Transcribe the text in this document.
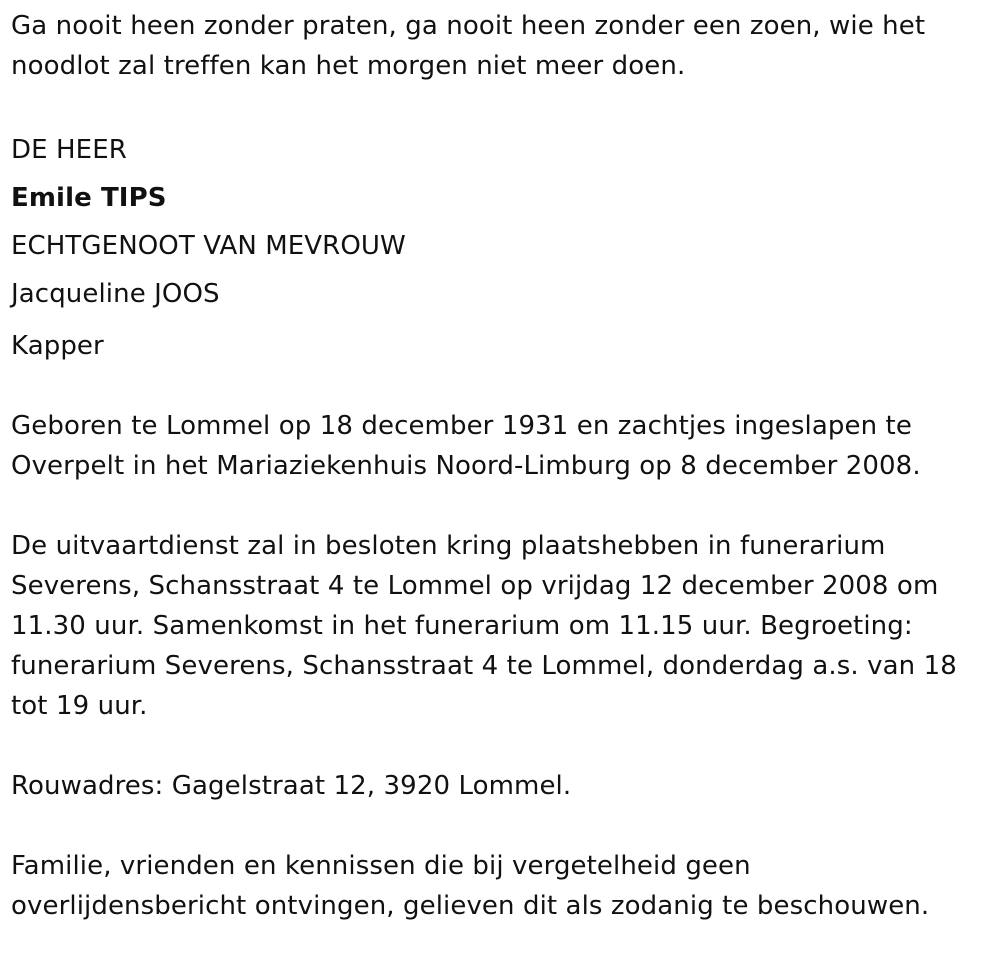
Ga nooit heen zonder praten, ga nooit heen zonder een zoen, wie het noodlot zal treffen kan het morgen niet meer doen.

DE HEER
Emile TIPS
ECHTGENOOT VAN MEVROUW
Jacqueline JOOS

Kapper

Geboren te Lommel op 18 december 1931 en zachtjes ingeslapen te Overpelt in het Mariaziekenhuis Noord-Limburg op 8 december 2008.

De uitvaartdienst zal in besloten kring plaatshebben in funerarium Severens, Schansstraat 4 te Lommel op vrijdag 12 december 2008 om 11.30 uur. Samenkomst in het funerarium om 11.15 uur. Begroeting: funerarium Severens, Schansstraat 4 te Lommel, donderdag a.s. van 18 tot 19 uur.

Rouwadres: Gagelstraat 12, 3920 Lommel.

Familie, vrienden en kennissen die bij vergetelheid geen overlijdensbericht ontvingen, gelieven dit als zodanig te beschouwen.
